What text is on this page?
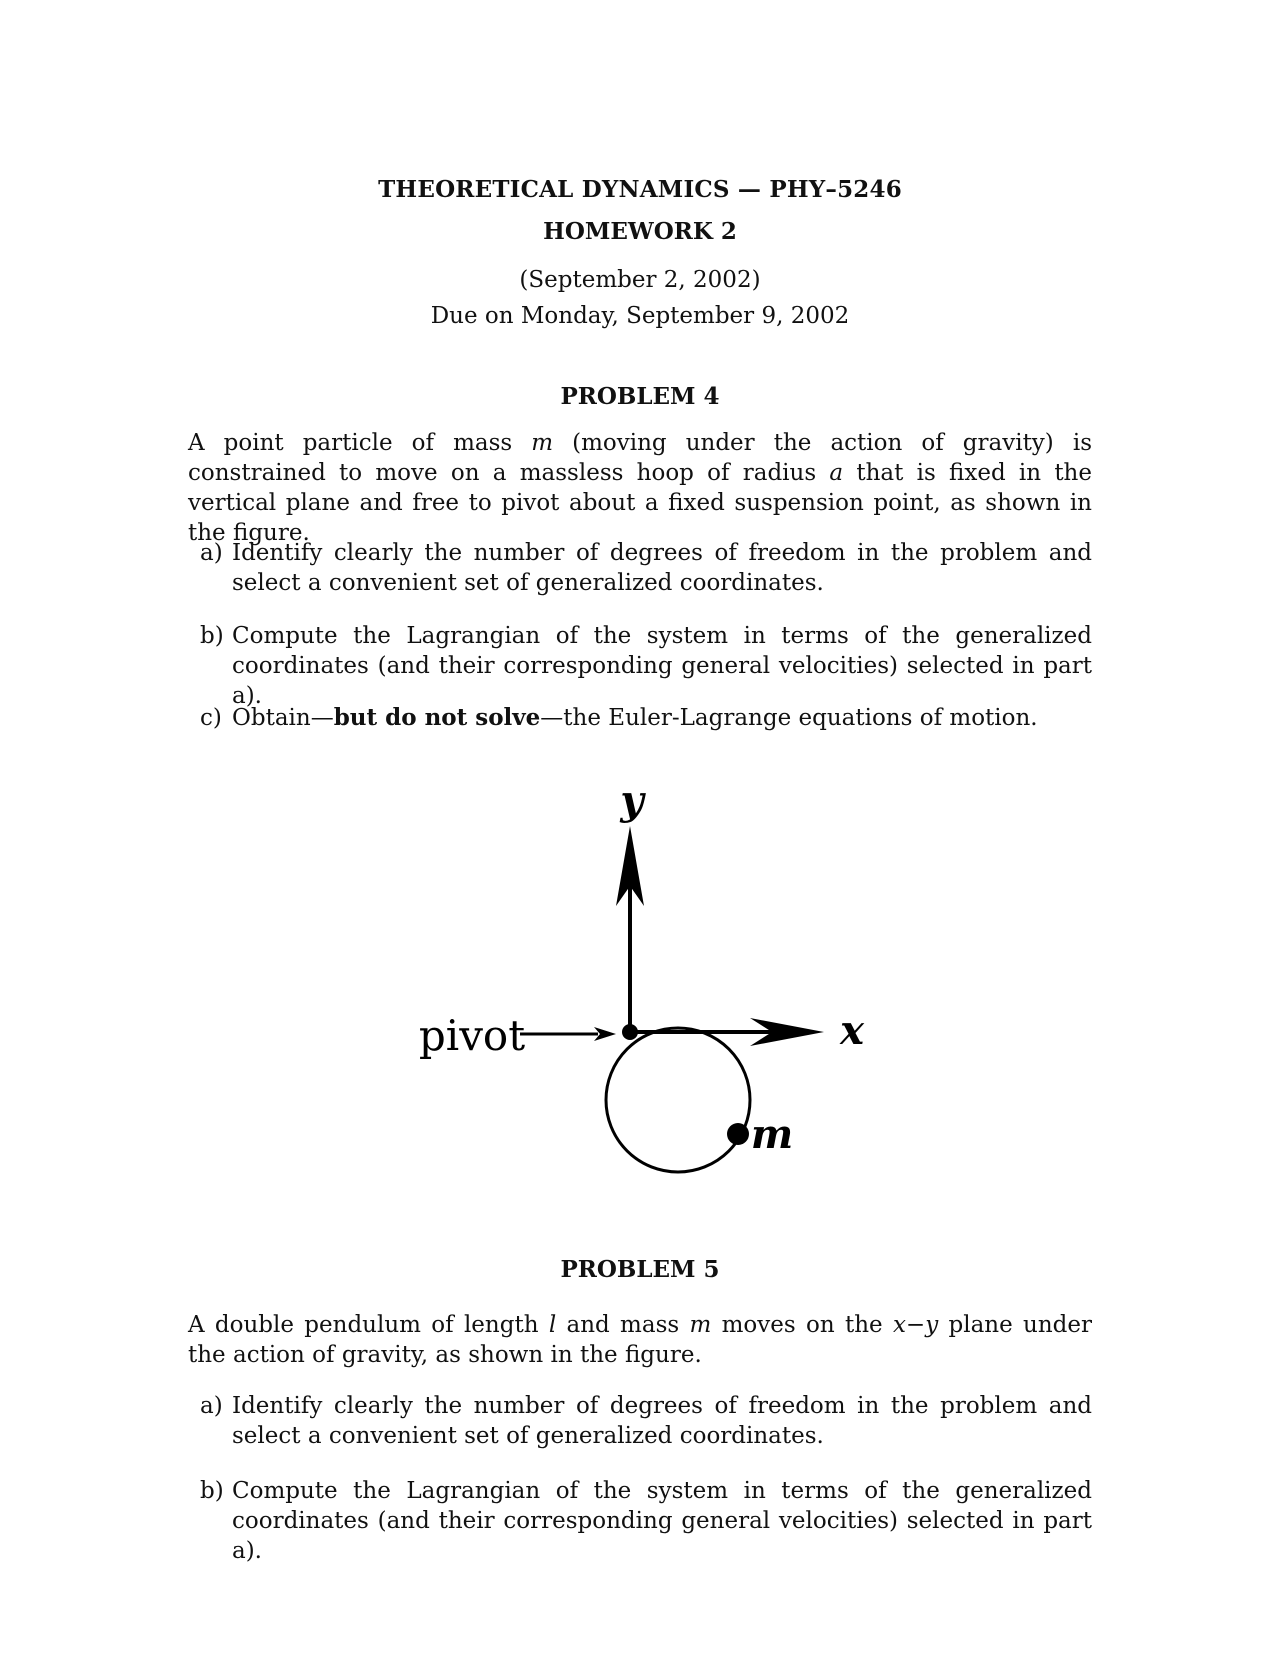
THEORETICAL DYNAMICS — PHY–5246
HOMEWORK 2
(September 2, 2002)
Due on Monday, September 9, 2002
PROBLEM 4
A point particle of mass m (moving under the action of gravity) is constrained to move on a massless hoop of radius a that is fixed in the vertical plane and free to pivot about a fixed suspension point, as shown in the figure.
a) Identify clearly the number of degrees of freedom in the problem and select a convenient set of generalized coordinates.
b) Compute the Lagrangian of the system in terms of the generalized coordinates (and their corresponding general velocities) selected in part a).
c) Obtain—but do not solve—the Euler-Lagrange equations of motion.
y
x
pivot
m
PROBLEM 5
A double pendulum of length l and mass m moves on the x−y plane under the action of gravity, as shown in the figure.
a) Identify clearly the number of degrees of freedom in the problem and select a convenient set of generalized coordinates.
b) Compute the Lagrangian of the system in terms of the generalized coordinates (and their corresponding general velocities) selected in part a).
